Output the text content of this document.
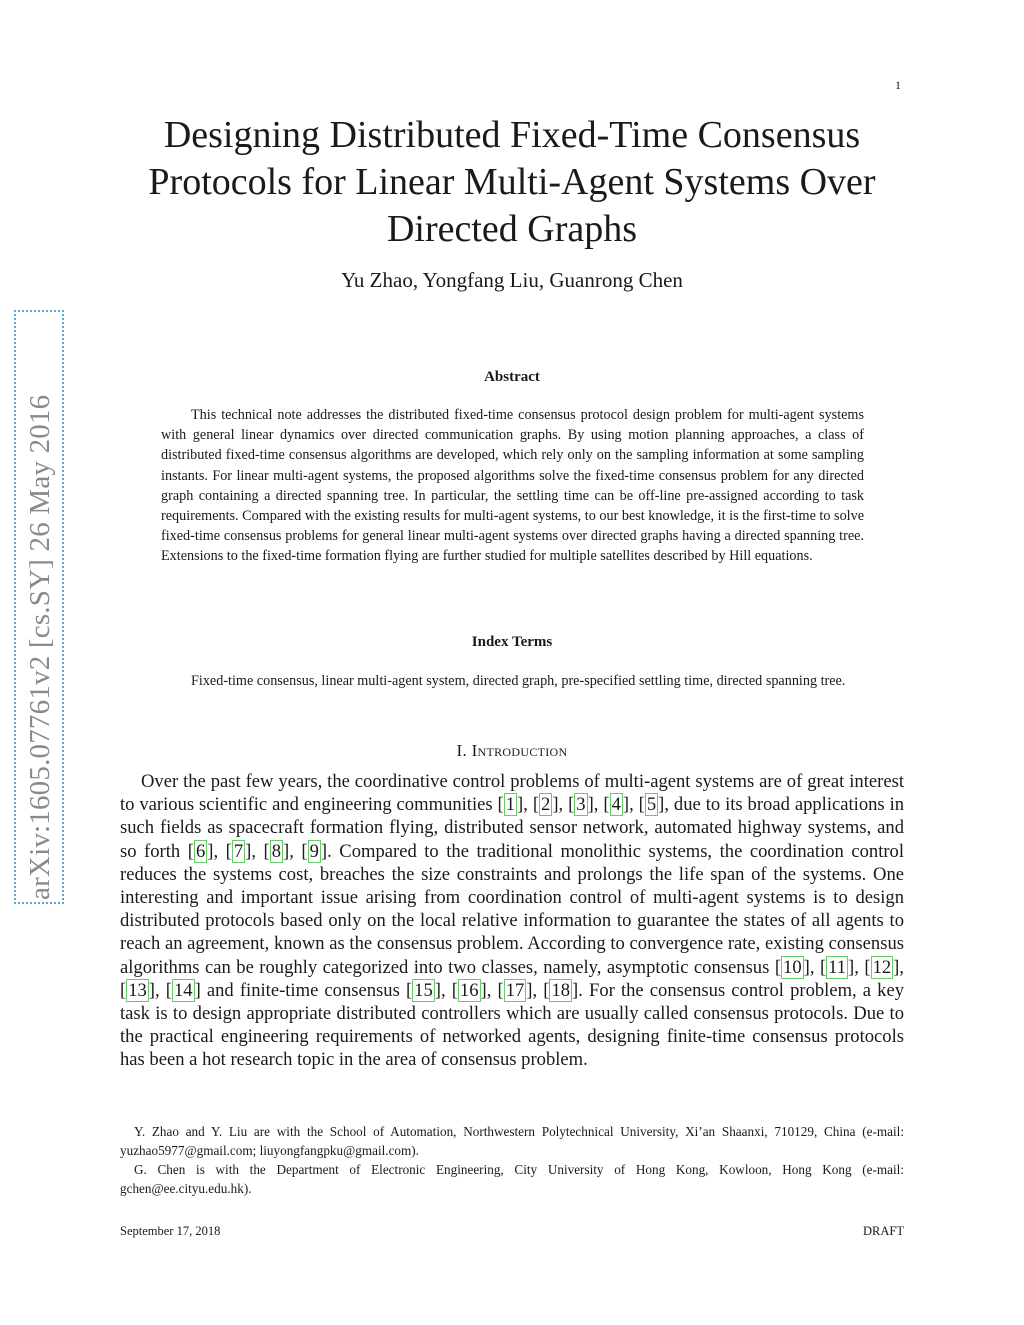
1
arXiv:1605.07761v2 [cs.SY] 26 May 2016
Designing Distributed Fixed-Time Consensus Protocols for Linear Multi-Agent Systems Over Directed Graphs
Yu Zhao, Yongfang Liu, Guanrong Chen
Abstract
This technical note addresses the distributed fixed-time consensus protocol design problem for multi-agent systems with general linear dynamics over directed communication graphs. By using motion planning approaches, a class of distributed fixed-time consensus algorithms are developed, which rely only on the sampling information at some sampling instants. For linear multi-agent systems, the proposed algorithms solve the fixed-time consensus problem for any directed graph containing a directed spanning tree. In particular, the settling time can be off-line pre-assigned according to task requirements. Compared with the existing results for multi-agent systems, to our best knowledge, it is the first-time to solve fixed-time consensus problems for general linear multi-agent systems over directed graphs having a directed spanning tree. Extensions to the fixed-time formation flying are further studied for multiple satellites described by Hill equations.
Index Terms
Fixed-time consensus, linear multi-agent system, directed graph, pre-specified settling time, directed spanning tree.
I. Introduction
Over the past few years, the coordinative control problems of multi-agent systems are of great interest to various scientific and engineering communities [ 1 ], [ 2 ], [ 3 ], [ 4 ], [ 5 ], due to its broad applications in such fields as spacecraft formation flying, distributed sensor network, automated highway systems, and so forth [ 6 ], [ 7 ], [ 8 ], [ 9 ]. Compared to the traditional monolithic systems, the coordination control reduces the systems cost, breaches the size constraints and prolongs the life span of the systems. One interesting and important issue arising from coordination control of multi-agent systems is to design distributed protocols based only on the local relative information to guarantee the states of all agents to reach an agreement, known as the consensus problem. According to convergence rate, existing consensus algorithms can be roughly categorized into two classes, namely, asymptotic consensus [ 10 ], [ 11 ], [ 12 ], [ 13 ], [ 14 ] and finite-time consensus [ 15 ], [ 16 ], [ 17 ], [ 18 ]. For the consensus control problem, a key task is to design appropriate distributed controllers which are usually called consensus protocols. Due to the practical engineering requirements of networked agents, designing finite-time consensus protocols has been a hot research topic in the area of consensus problem.

Y. Zhao and Y. Liu are with the School of Automation, Northwestern Polytechnical University, Xi’an Shaanxi, 710129, China (e-mail: yuzhao5977@gmail.com; liuyongfangpku@gmail.com).

G. Chen is with the Department of Electronic Engineering, City University of Hong Kong, Kowloon, Hong Kong (e-mail: gchen@ee.cityu.edu.hk).

September 17, 2018	DRAFT
